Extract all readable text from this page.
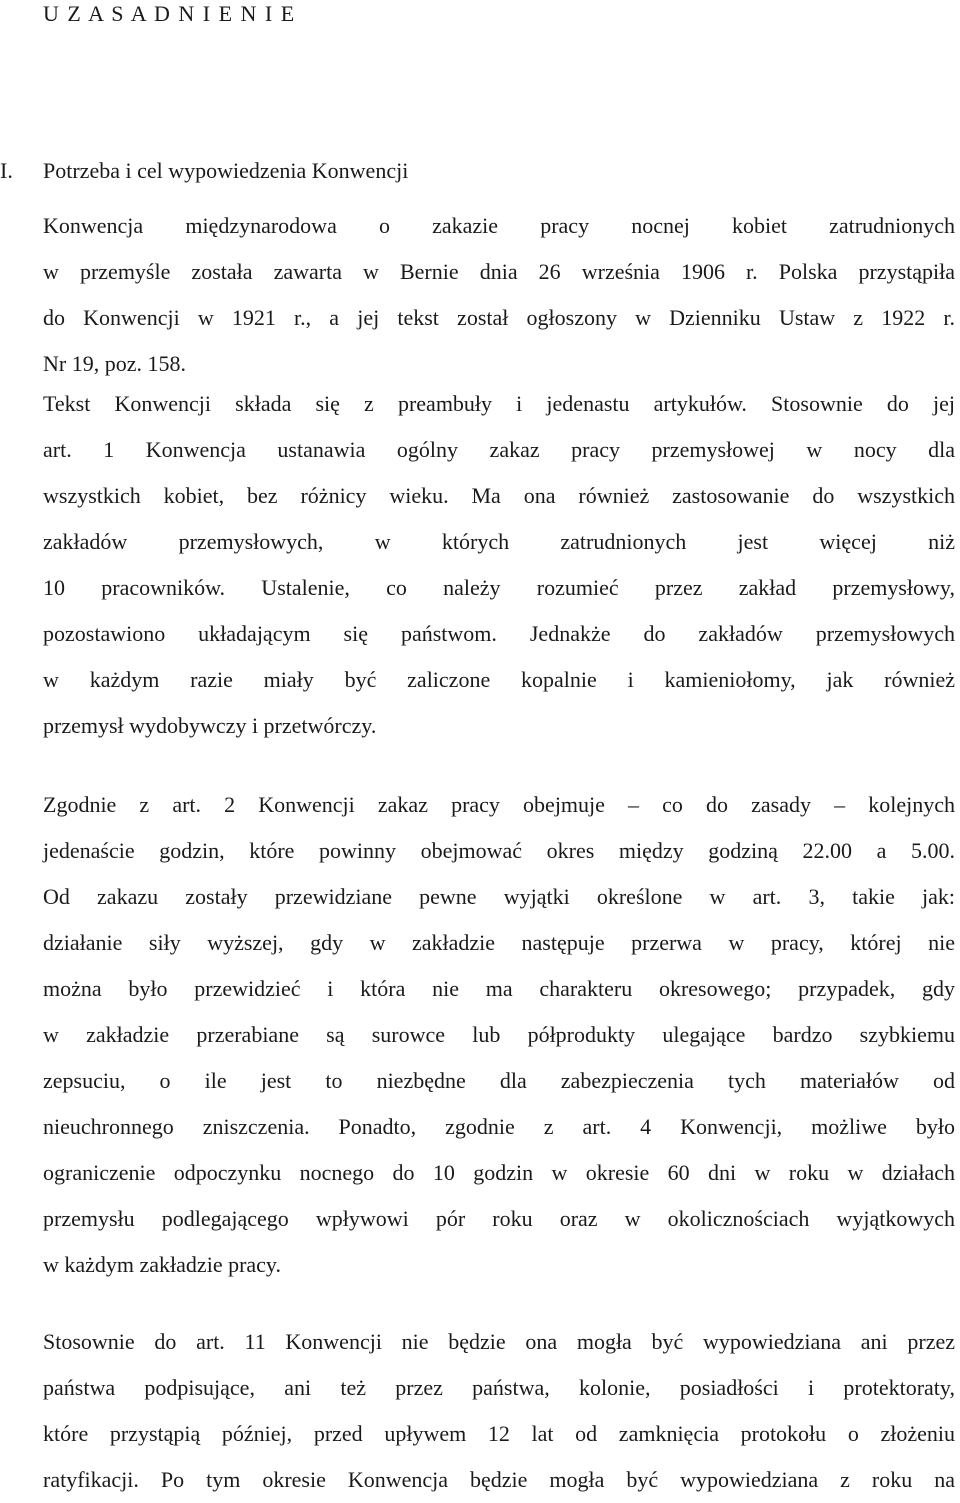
U Z A S A D N I E N I E
I. Potrzeba i cel wypowiedzenia Konwencji
Konwencja międzynarodowa o zakazie pracy nocnej kobiet zatrudnionych
w przemyśle została zawarta w Bernie dnia 26 września 1906 r. Polska przystąpiła
do Konwencji w 1921 r., a jej tekst został ogłoszony w Dzienniku Ustaw z 1922 r.
Nr 19, poz. 158.
Tekst Konwencji składa się z preambuły i jedenastu artykułów. Stosownie do jej
art. 1 Konwencja ustanawia ogólny zakaz pracy przemysłowej w nocy dla
wszystkich kobiet, bez różnicy wieku. Ma ona również zastosowanie do wszystkich
zakładów przemysłowych, w których zatrudnionych jest więcej niż
10 pracowników. Ustalenie, co należy rozumieć przez zakład przemysłowy,
pozostawiono układającym się państwom. Jednakże do zakładów przemysłowych
w każdym razie miały być zaliczone kopalnie i kamieniołomy, jak również
przemysł wydobywczy i przetwórczy.
Zgodnie z art. 2 Konwencji zakaz pracy obejmuje – co do zasady – kolejnych
jedenaście godzin, które powinny obejmować okres między godziną 22.00 a 5.00.
Od zakazu zostały przewidziane pewne wyjątki określone w art. 3, takie jak:
działanie siły wyższej, gdy w zakładzie następuje przerwa w pracy, której nie
można było przewidzieć i która nie ma charakteru okresowego; przypadek, gdy
w zakładzie przerabiane są surowce lub półprodukty ulegające bardzo szybkiemu
zepsuciu, o ile jest to niezbędne dla zabezpieczenia tych materiałów od
nieuchronnego zniszczenia. Ponadto, zgodnie z art. 4 Konwencji, możliwe było
ograniczenie odpoczynku nocnego do 10 godzin w okresie 60 dni w roku w działach
przemysłu podlegającego wpływowi pór roku oraz w okolicznościach wyjątkowych
w każdym zakładzie pracy.
Stosownie do art. 11 Konwencji nie będzie ona mogła być wypowiedziana ani przez
państwa podpisujące, ani też przez państwa, kolonie, posiadłości i protektoraty,
które przystąpią później, przed upływem 12 lat od zamknięcia protokołu o złożeniu
ratyfikacji. Po tym okresie Konwencja będzie mogła być wypowiedziana z roku na
